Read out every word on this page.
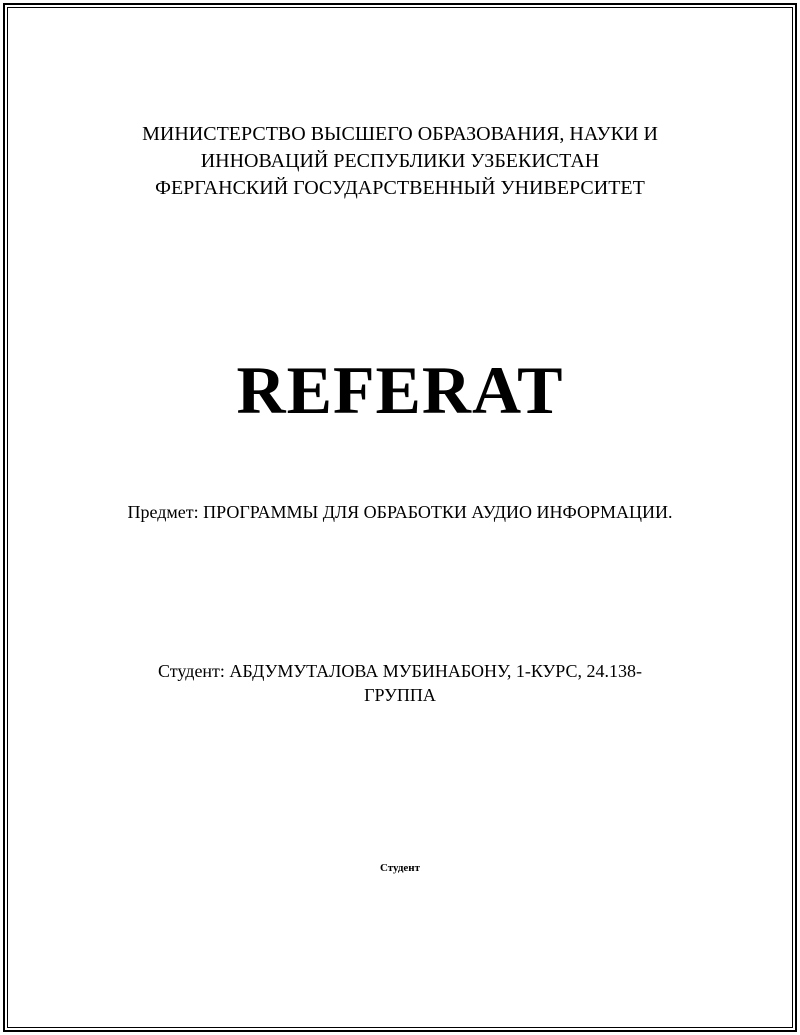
МИНИСТЕРСТВО ВЫСШЕГО ОБРАЗОВАНИЯ, НАУКИ И

ИННОВАЦИЙ РЕСПУБЛИКИ УЗБЕКИСТАН

ФЕРГАНСКИЙ ГОСУДАРСТВЕННЫЙ УНИВЕРСИТЕТ

REFERAT

Предмет: ПРОГРАММЫ ДЛЯ ОБРАБОТКИ АУДИО ИНФОРМАЦИИ.

Студент: АБДУМУТАЛОВА МУБИНАБОНУ, 1-КУРС, 24.138-

ГРУППА

Студент
